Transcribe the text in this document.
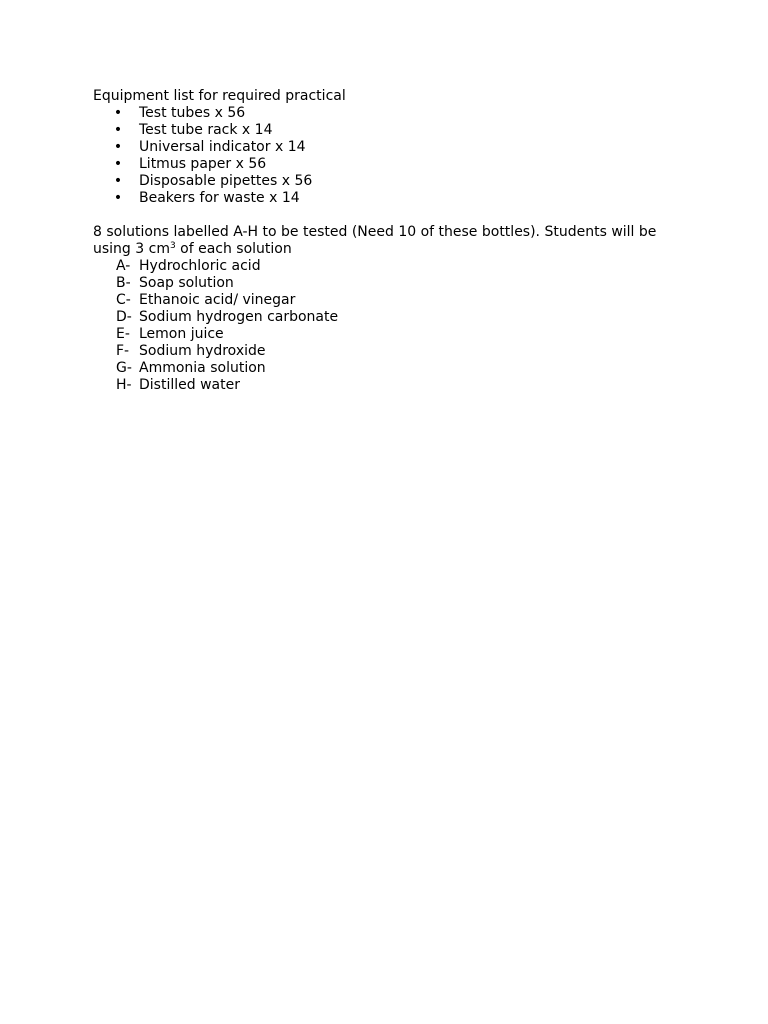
Equipment list for required practical

• Test tubes x 56
• Test tube rack x 14
• Universal indicator x 14
• Litmus paper x 56
• Disposable pipettes x 56
• Beakers for waste x 14

8 solutions labelled A-H to be tested (Need 10 of these bottles). Students will be using 3 $cm^3$ of each solution

A- Hydrochloric acid
B- Soap solution
C- Ethanoic acid/ vinegar
D- Sodium hydrogen carbonate
E- Lemon juice
F- Sodium hydroxide
G- Ammonia solution
H- Distilled water
